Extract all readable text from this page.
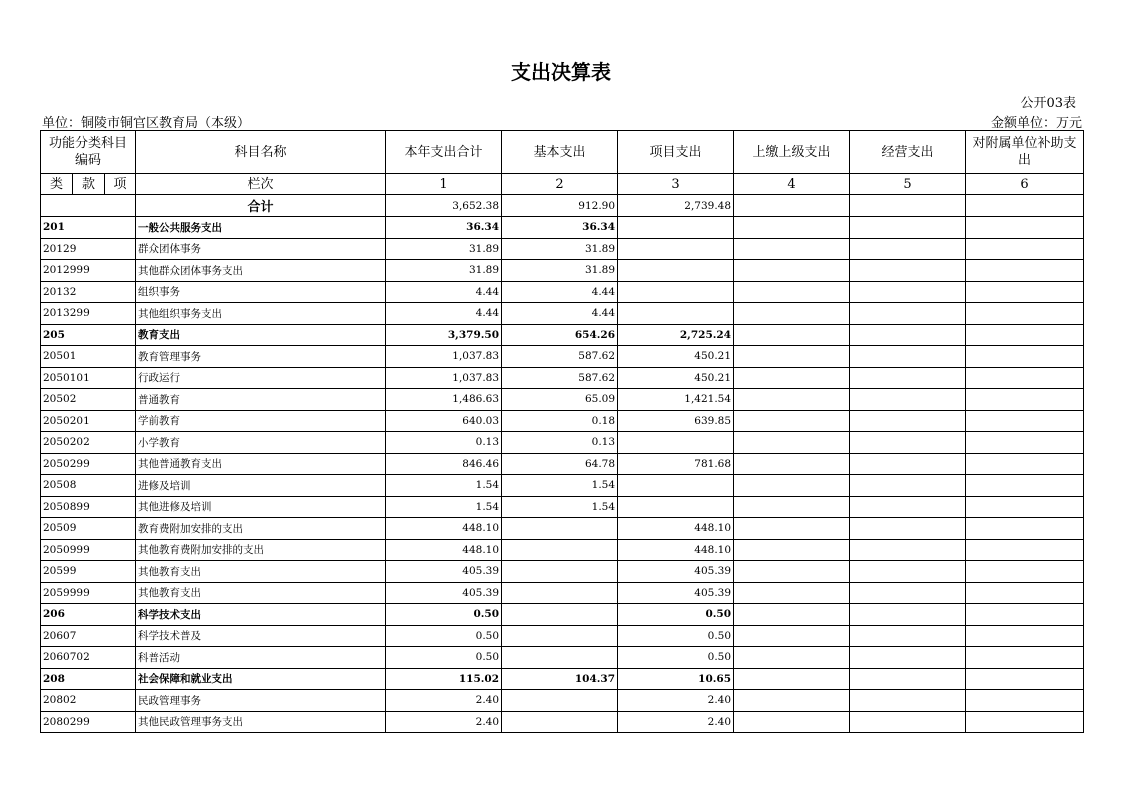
支出决算表
公开03表
单位：铜陵市铜官区教育局（本级）	金额单位：万元
功能分类科目编码			科目名称	本年支出合计	基本支出	项目支出	上缴上级支出	经营支出	对附属单位补助支出
类	款	项							
			栏次	1	2	3	4	5	6
			合计	3,652.38	912.90	2,739.48			
201			一般公共服务支出	36.34	36.34				
20129			群众团体事务	31.89	31.89				
2012999			其他群众团体事务支出	31.89	31.89				
20132			组织事务	4.44	4.44				
2013299			其他组织事务支出	4.44	4.44				
205			教育支出	3,379.50	654.26	2,725.24			
20501			教育管理事务	1,037.83	587.62	450.21			
2050101			行政运行	1,037.83	587.62	450.21			
20502			普通教育	1,486.63	65.09	1,421.54			
2050201			学前教育	640.03	0.18	639.85			
2050202			小学教育	0.13	0.13				
2050299			其他普通教育支出	846.46	64.78	781.68			
20508			进修及培训	1.54	1.54				
2050899			其他进修及培训	1.54	1.54				
20509			教育费附加安排的支出	448.10		448.10			
2050999			其他教育费附加安排的支出	448.10		448.10			
20599			其他教育支出	405.39		405.39			
2059999			其他教育支出	405.39		405.39			
206			科学技术支出	0.50		0.50			
20607			科学技术普及	0.50		0.50			
2060702			科普活动	0.50		0.50			
208			社会保障和就业支出	115.02	104.37	10.65			
20802			民政管理事务	2.40		2.40			
2080299			其他民政管理事务支出	2.40		2.40			
